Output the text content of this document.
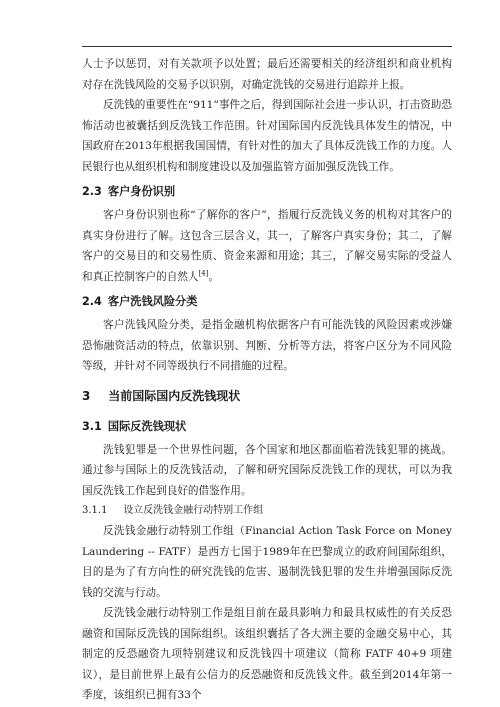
人士予以惩罚，对有关款项予以处置；最后还需要相关的经济组织和商业机构对存在洗钱风险的交易予以识别，对确定洗钱的交易进行追踪并上报。

反洗钱的重要性在“911”事件之后，得到国际社会进一步认识，打击资助恐怖活动也被囊括到反洗钱工作范围。针对国际国内反洗钱具体发生的情况，中国政府在2013年根据我国国情，有针对性的加大了具体反洗钱工作的力度。人民银行也从组织机构和制度建设以及加强监管方面加强反洗钱工作。

2.3 客户身份识别

客户身份识别也称“了解你的客户”，指履行反洗钱义务的机构对其客户的真实身份进行了解。这包含三层含义，其一，了解客户真实身份；其二，了解客户的交易目的和交易性质、资金来源和用途；其三，了解交易实际的受益人和真正控制客户的自然人[4]。

2.4 客户洗钱风险分类

客户洗钱风险分类，是指金融机构依据客户有可能洗钱的风险因素或涉嫌恐怖融资活动的特点，依靠识别、判断、分析等方法，将客户区分为不同风险等级，并针对不同等级执行不同措施的过程。

3 当前国际国内反洗钱现状
3.1 国际反洗钱现状

洗钱犯罪是一个世界性问题，各个国家和地区都面临着洗钱犯罪的挑战。通过参与国际上的反洗钱活动，了解和研究国际反洗钱工作的现状，可以为我国反洗钱工作起到良好的借鉴作用。

3.1.1 设立反洗钱金融行动特别工作组

反洗钱金融行动特别工作组（Financial Action Task Force on Money Laundering -- FATF）是西方七国于1989年在巴黎成立的政府间国际组织，目的是为了有方向性的研究洗钱的危害、遏制洗钱犯罪的发生并增强国际反洗钱的交流与行动。

反洗钱金融行动特别工作是组目前在最具影响力和最具权威性的有关反恐融资和国际反洗钱的国际组织。该组织囊括了各大洲主要的金融交易中心，其制定的反恐融资九项特别建议和反洗钱四十项建议（简称 FATF 40+9 项建议），是目前世界上最有公信力的反恐融资和反洗钱文件。截至到2014年第一季度，该组织已拥有33个
